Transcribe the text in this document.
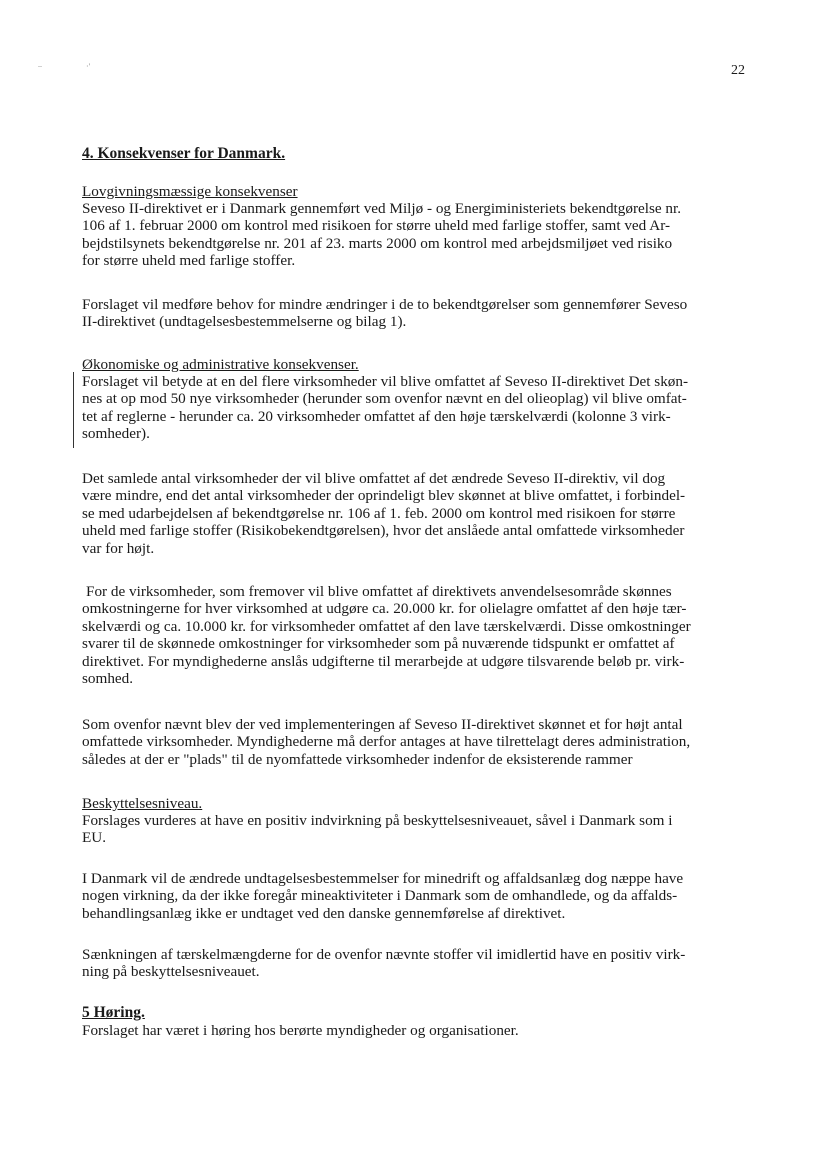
..	·'	22
4. Konsekvenser for Danmark.
Lovgivningsmæssige konsekvenser
Seveso II-direktivet er i Danmark gennemført ved Miljø - og Energiministeriets bekendtgørelse nr.
106 af 1. februar 2000 om kontrol med risikoen for større uheld med farlige stoffer, samt ved Ar-
bejdstilsynets bekendtgørelse nr. 201 af 23. marts 2000 om kontrol med arbejdsmiljøet ved risiko
for større uheld med farlige stoffer.
Forslaget vil medføre behov for mindre ændringer i de to bekendtgørelser som gennemfører Seveso
II-direktivet (undtagelsesbestemmelserne og bilag 1).
Økonomiske og administrative konsekvenser.
Forslaget vil betyde at en del flere virksomheder vil blive omfattet af Seveso II-direktivet Det skøn-
nes at op mod 50 nye virksomheder (herunder som ovenfor nævnt en del olieoplag) vil blive omfat-
tet af reglerne - herunder ca. 20 virksomheder omfattet af den høje tærskelværdi (kolonne 3 virk-
somheder).
Det samlede antal virksomheder der vil blive omfattet af det ændrede Seveso II-direktiv, vil dog
være mindre, end det antal virksomheder der oprindeligt blev skønnet at blive omfattet, i forbindel-
se med udarbejdelsen af bekendtgørelse nr. 106 af 1. feb. 2000 om kontrol med risikoen for større
uheld med farlige stoffer (Risikobekendtgørelsen), hvor det anslåede antal omfattede virksomheder
var for højt.
For de virksomheder, som fremover vil blive omfattet af direktivets anvendelsesområde skønnes
omkostningerne for hver virksomhed at udgøre ca. 20.000 kr. for olielagre omfattet af den høje tær-
skelværdi og ca. 10.000 kr. for virksomheder omfattet af den lave tærskelværdi. Disse omkostninger
svarer til de skønnede omkostninger for virksomheder som på nuværende tidspunkt er omfattet af
direktivet. For myndighederne anslås udgifterne til merarbejde at udgøre tilsvarende beløb pr. virk-
somhed.
Som ovenfor nævnt blev der ved implementeringen af Seveso II-direktivet skønnet et for højt antal
omfattede virksomheder. Myndighederne må derfor antages at have tilrettelagt deres administration,
således at der er "plads" til de nyomfattede virksomheder indenfor de eksisterende rammer
Beskyttelsesniveau.
Forslages vurderes at have en positiv indvirkning på beskyttelsesniveauet, såvel i Danmark som i
EU.
I Danmark vil de ændrede undtagelsesbestemmelser for minedrift og affaldsanlæg dog næppe have
nogen virkning, da der ikke foregår mineaktiviteter i Danmark som de omhandlede, og da affalds-
behandlingsanlæg ikke er undtaget ved den danske gennemførelse af direktivet.
Sænkningen af tærskelmængderne for de ovenfor nævnte stoffer vil imidlertid have en positiv virk-
ning på beskyttelsesniveauet.
5 Høring.
Forslaget har været i høring hos berørte myndigheder og organisationer.
